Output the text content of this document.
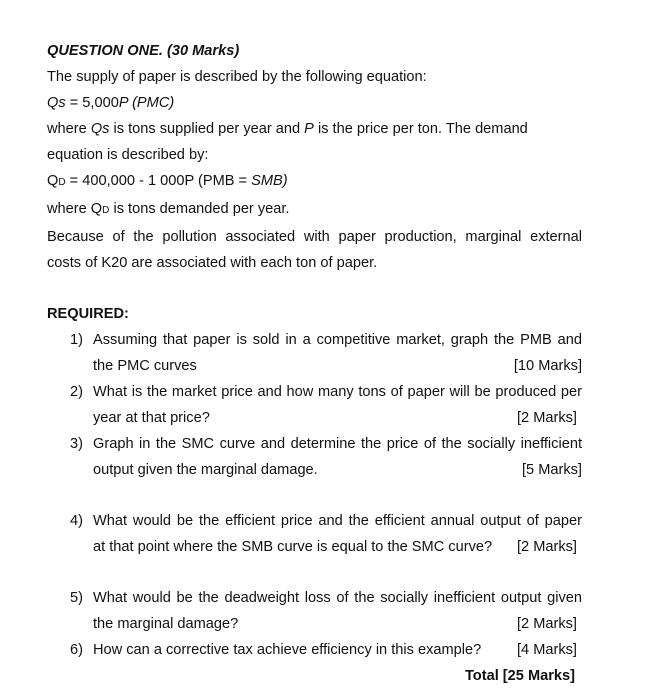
QUESTION ONE. (30 Marks)
The supply of paper is described by the following equation:
Qs = 5,000P (PMC)
where Qs is tons supplied per year and P is the price per ton. The demand
equation is described by:
QD = 400,000 - 1 000P (PMB = SMB)
where QD is tons demanded per year.
Because of the pollution associated with paper production, marginal external
costs of K20 are associated with each ton of paper.
REQUIRED:
1) Assuming that paper is sold in a competitive market, graph the PMB and
the PMC curves	[10 Marks]
2) What is the market price and how many tons of paper will be produced per
year at that price?	[2 Marks]
3) Graph in the SMC curve and determine the price of the socially inefficient
output given the marginal damage.	[5 Marks]
4) What would be the efficient price and the efficient annual output of paper
at that point where the SMB curve is equal to the SMC curve? [2 Marks]
5) What would be the deadweight loss of the socially inefficient output given
the marginal damage?	[2 Marks]
6) How can a corrective tax achieve efficiency in this example? [4 Marks]
Total [25 Marks]
